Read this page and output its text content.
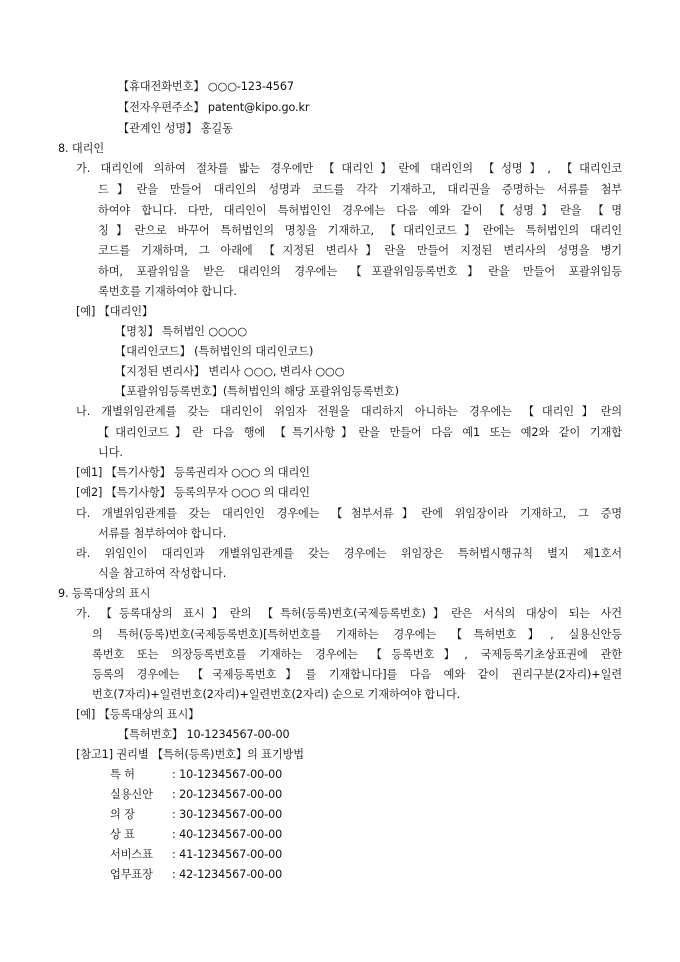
【휴대전화번호】 ○○○-123-4567
【전자우편주소】 patent@kipo.go.kr
【관계인 성명】 홍길동
8. 대리인
가. 대리인에 의하여 절차를 밟는 경우에만 【대리인】란에 대리인의 【성명】, 【대리인코
드】란을 만들어 대리인의 성명과 코드를 각각 기재하고, 대리권을 증명하는 서류를 첨부
하여야 합니다. 다만, 대리인이 특허법인인 경우에는 다음 예와 같이 【성명】란을 【명
칭】란으로 바꾸어 특허법인의 명칭을 기재하고, 【대리인코드】란에는 특허법인의 대리인
코드를 기재하며, 그 아래에 【지정된 변리사】란을 만들어 지정된 변리사의 성명을 병기
하며, 포괄위임을 받은 대리인의 경우에는 【포괄위임등록번호】란을 만들어 포괄위임등
록번호를 기재하여야 합니다.
[예] 【대리인】
【명칭】 특허법인 ○○○○
【대리인코드】 (특허법인의 대리인코드)
【지정된 변리사】 변리사 ○○○, 변리사 ○○○
【포괄위임등록번호】(특허법인의 해당 포괄위임등록번호)
나. 개별위임관계를 갖는 대리인이 위임자 전원을 대리하지 아니하는 경우에는 【대리인】란의
【대리인코드】란 다음 행에 【특기사항】란을 만들어 다음 예1 또는 예2와 같이 기재합
니다.
[예1] 【특기사항】 등록권리자 ○○○ 의 대리인
[예2] 【특기사항】 등록의무자 ○○○ 의 대리인
다. 개별위임관계를 갖는 대리인인 경우에는 【첨부서류】란에 위임장이라 기재하고, 그 증명
서류를 첨부하여야 합니다.
라. 위임인이 대리인과 개별위임관계를 갖는 경우에는 위임장은 특허법시행규칙 별지 제1호서
식을 참고하여 작성합니다.
9. 등록대상의 표시
가. 【등록대상의 표시】란의 【특허(등록)번호(국제등록번호)】란은 서식의 대상이 되는 사건
의 특허(등록)번호(국제등록번호)[특허번호를 기재하는 경우에는 【특허번호】, 실용신안등
록번호 또는 의장등록번호를 기재하는 경우에는 【등록번호】, 국제등록기초상표권에 관한
등록의 경우에는 【국제등록번호】를 기재합니다]를 다음 예와 같이 권리구분(2자리)+일련
번호(7자리)+일련번호(2자리)+일련번호(2자리) 순으로 기재하여야 합니다.
[예] 【등록대상의 표시】
【특허번호】 10-1234567-00-00
[참고1] 권리별 【특허(등록)번호】의 표기방법
특 허	: 10-1234567-00-00
실용신안 : 20-1234567-00-00
의 장	: 30-1234567-00-00
상 표	: 40-1234567-00-00
서비스표 : 41-1234567-00-00
업무표장 : 42-1234567-00-00
